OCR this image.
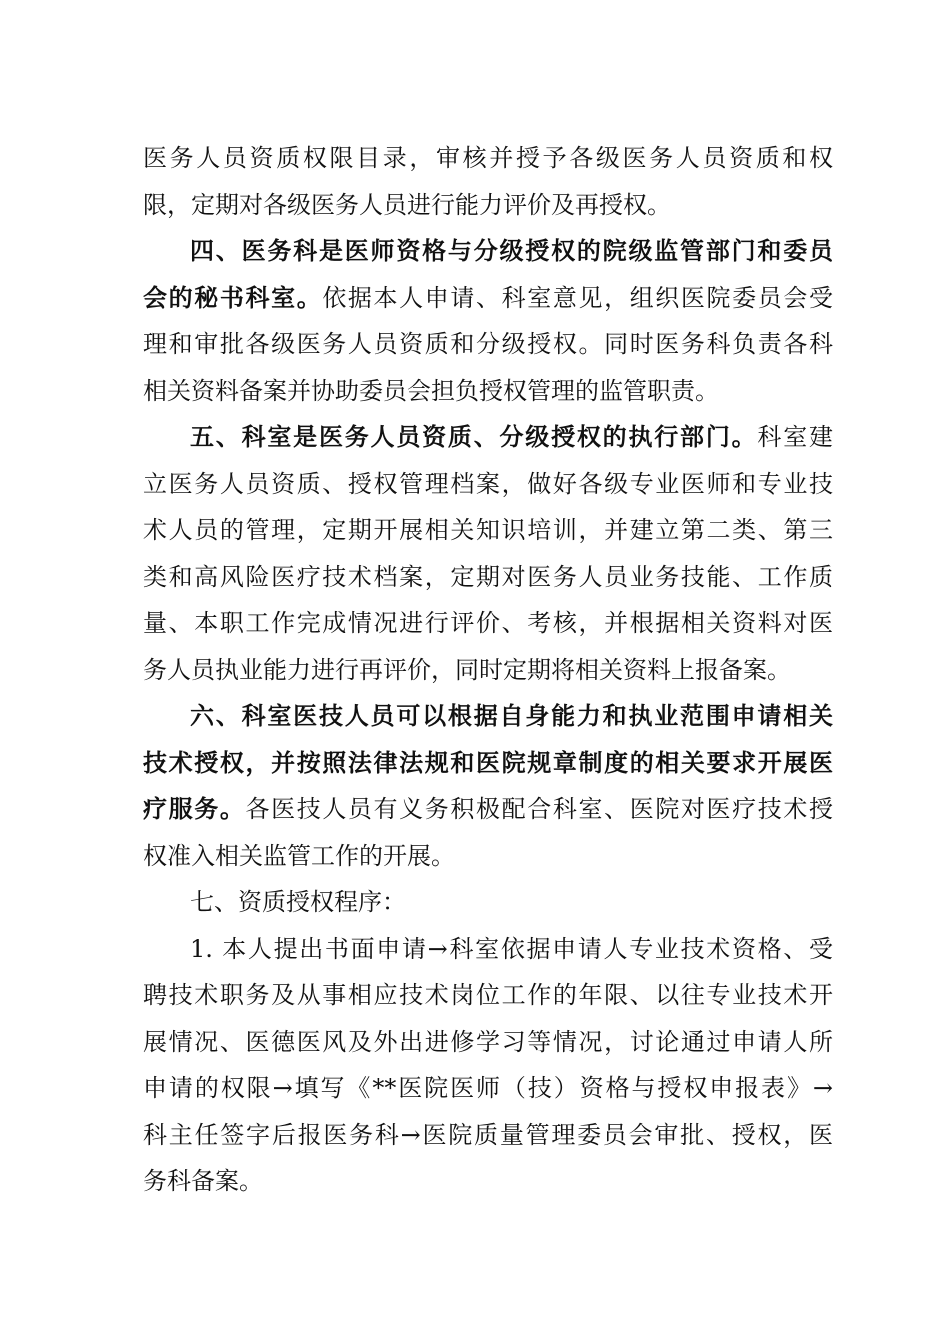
医务人员资质权限目录，审核并授予各级医务人员资质和权
限，定期对各级医务人员进行能力评价及再授权。
四、医务科是医师资格与分级授权的院级监管部门和委员
会的秘书科室。依据本人申请、科室意见，组织医院委员会受
理和审批各级医务人员资质和分级授权。同时医务科负责各科
相关资料备案并协助委员会担负授权管理的监管职责。
五、科室是医务人员资质、分级授权的执行部门。科室建
立医务人员资质、授权管理档案，做好各级专业医师和专业技
术人员的管理，定期开展相关知识培训，并建立第二类、第三
类和高风险医疗技术档案，定期对医务人员业务技能、工作质
量、本职工作完成情况进行评价、考核，并根据相关资料对医
务人员执业能力进行再评价，同时定期将相关资料上报备案。
六、科室医技人员可以根据自身能力和执业范围申请相关
技术授权，并按照法律法规和医院规章制度的相关要求开展医
疗服务。各医技人员有义务积极配合科室、医院对医疗技术授
权准入相关监管工作的开展。
七、资质授权程序：
1. 本人提出书面申请→科室依据申请人专业技术资格、受
聘技术职务及从事相应技术岗位工作的年限、以往专业技术开
展情况、医德医风及外出进修学习等情况，讨论通过申请人所
申请的权限→填写《**医院医师（技）资格与授权申报表》→
科主任签字后报医务科→医院质量管理委员会审批、授权，医
务科备案。
